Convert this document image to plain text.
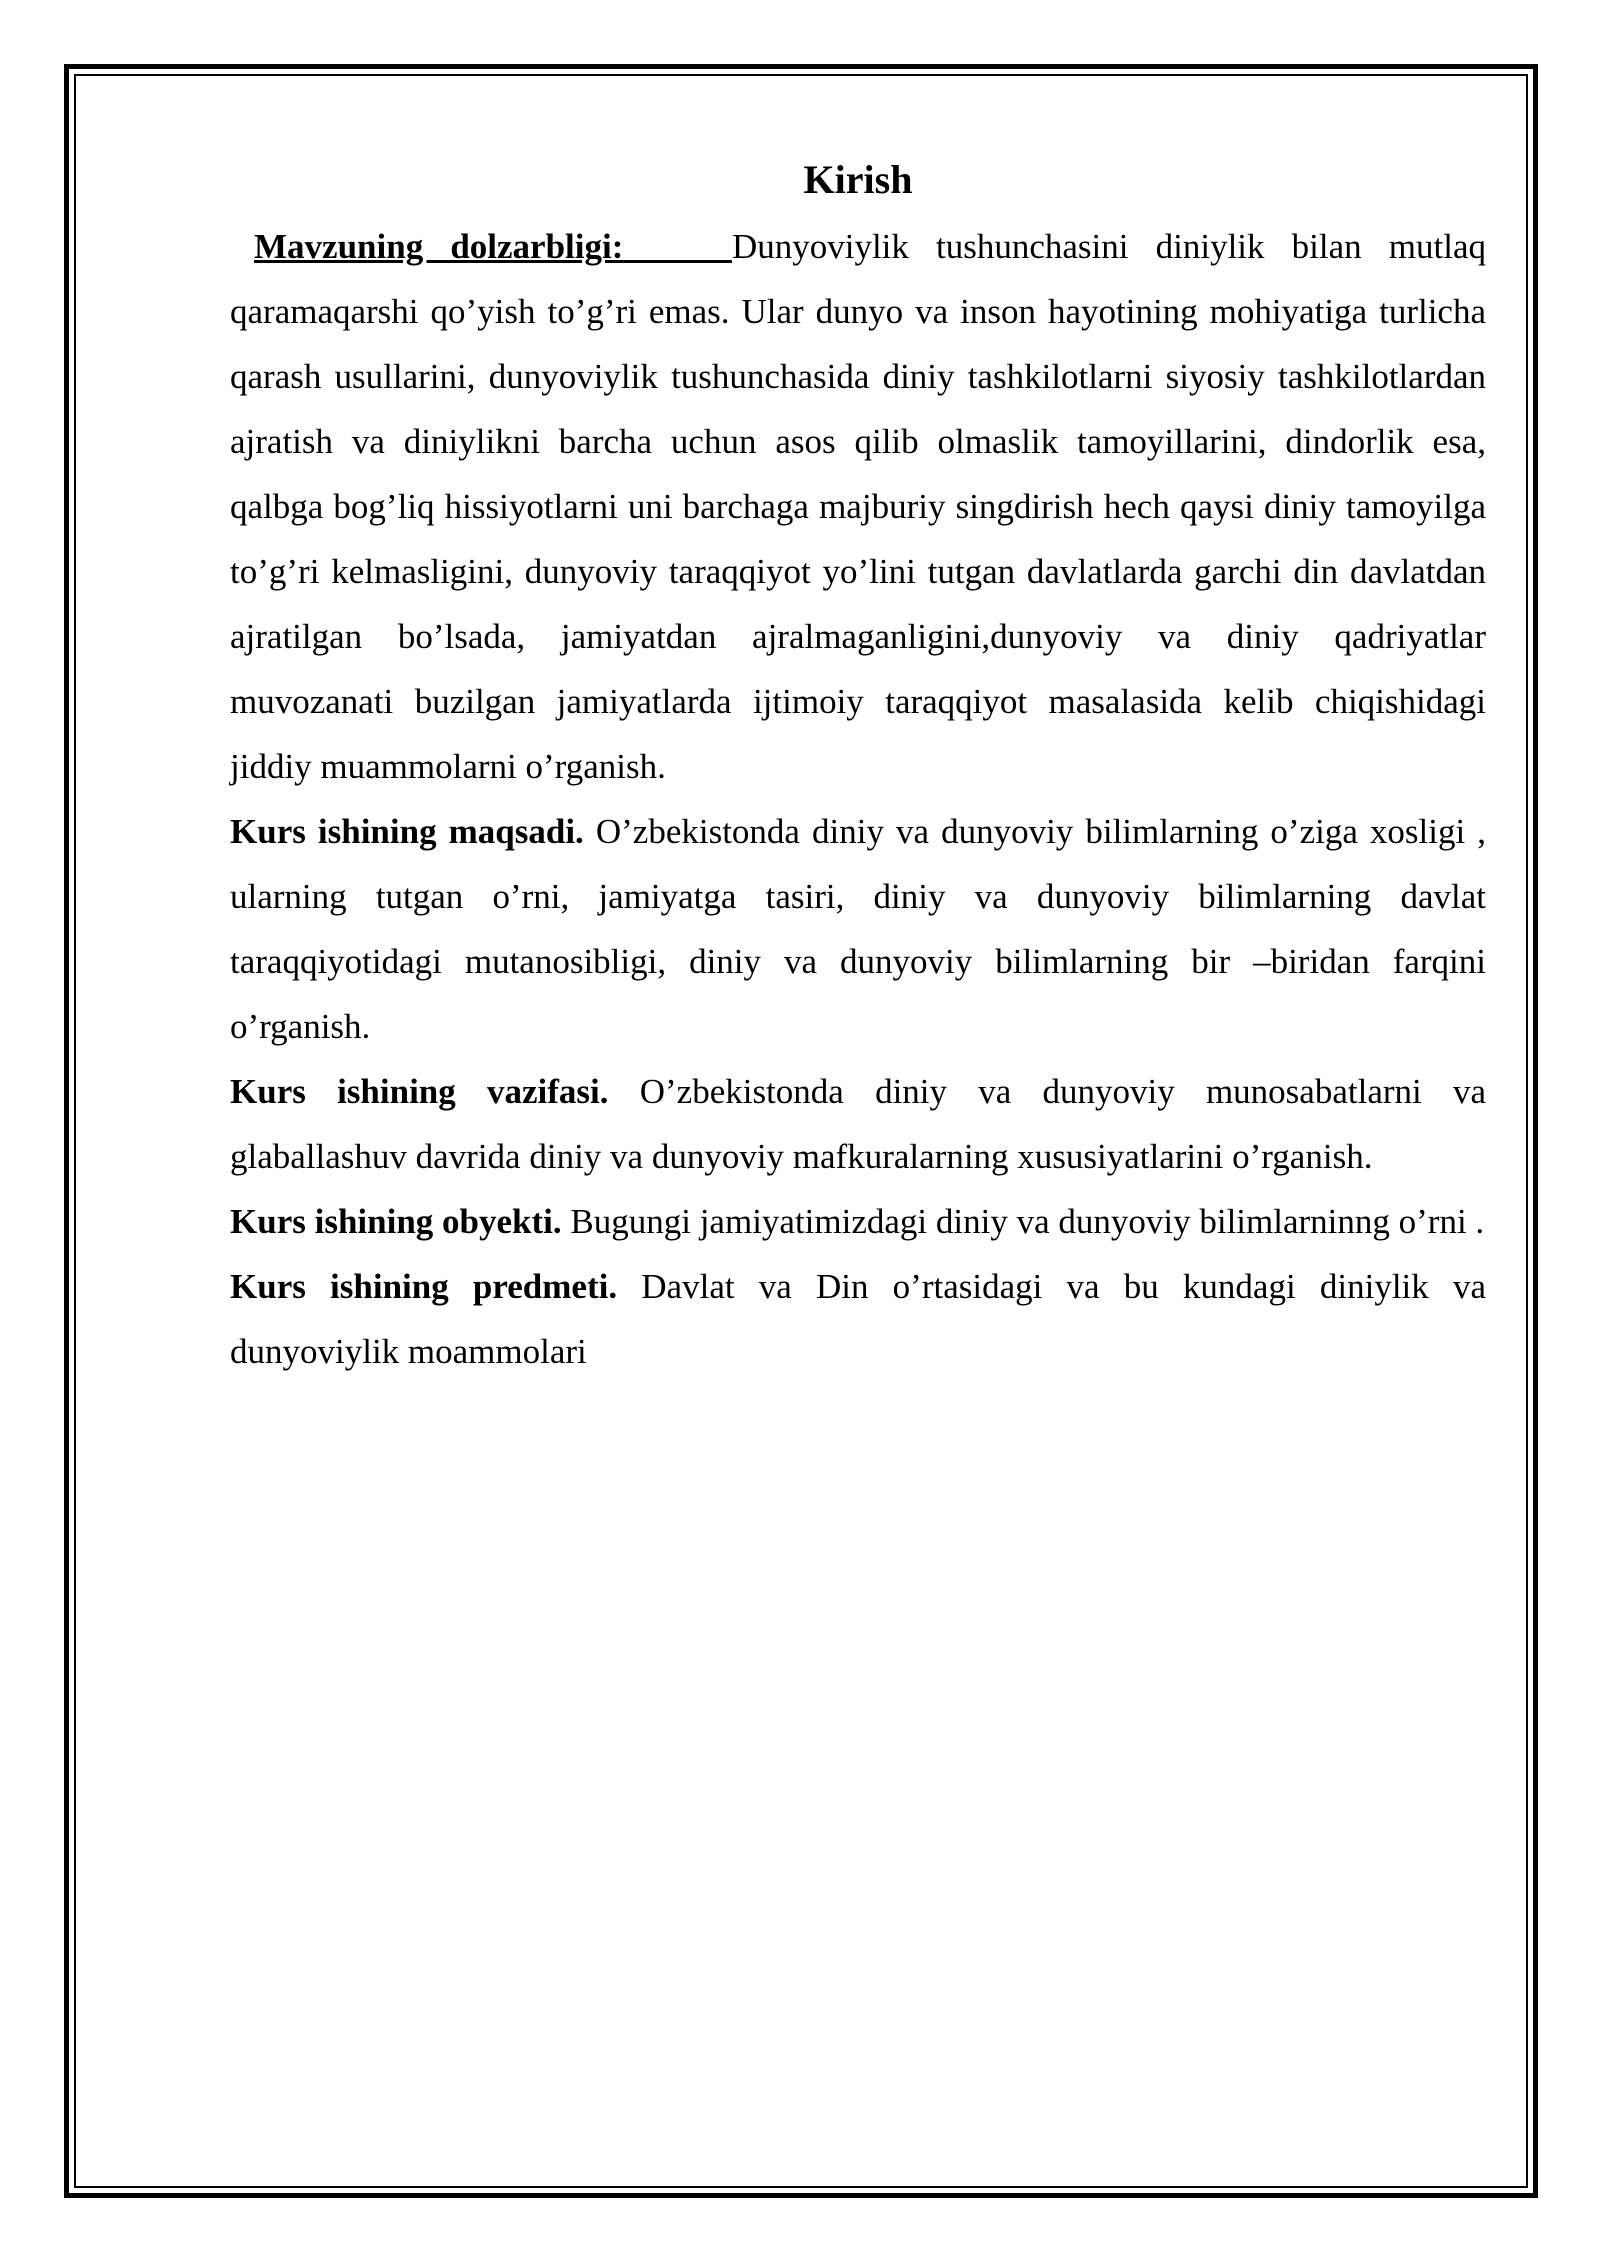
Kirish

Mavzuning dolzarbligi:	Dunyoviylik tushunchasini diniylik bilan mutlaq qaramaqarshi qo’yish to’g’ri emas. Ular dunyo va inson hayotining mohiyatiga turlicha qarash usullarini, dunyoviylik tushunchasida diniy tashkilotlarni siyosiy tashkilotlardan ajratish va diniylikni barcha uchun asos qilib olmaslik tamoyillarini, dindorlik esa, qalbga bog’liq hissiyotlarni uni barchaga majburiy singdirish hech qaysi diniy tamoyilga to’g’ri kelmasligini, dunyoviy taraqqiyot yo’lini tutgan davlatlarda garchi din davlatdan ajratilgan bo’lsada, jamiyatdan ajralmaganligini,dunyoviy va diniy qadriyatlar muvozanati buzilgan jamiyatlarda ijtimoiy taraqqiyot masalasida kelib chiqishidagi jiddiy muammolarni o’rganish.

Kurs ishining maqsadi. O’zbekistonda diniy va dunyoviy bilimlarning o’ziga xosligi , ularning tutgan o’rni, jamiyatga tasiri, diniy va dunyoviy bilimlarning davlat taraqqiyotidagi mutanosibligi, diniy va dunyoviy bilimlarning bir –biridan farqini o’rganish.

Kurs ishining vazifasi. O’zbekistonda diniy va dunyoviy munosabatlarni va glaballashuv davrida diniy va dunyoviy mafkuralarning xususiyatlarini o’rganish.

Kurs ishining obyekti. Bugungi jamiyatimizdagi diniy va dunyoviy bilimlarninng o’rni .

Kurs ishining predmeti. Davlat va Din o’rtasidagi va bu kundagi diniylik va dunyoviylik moammolari
